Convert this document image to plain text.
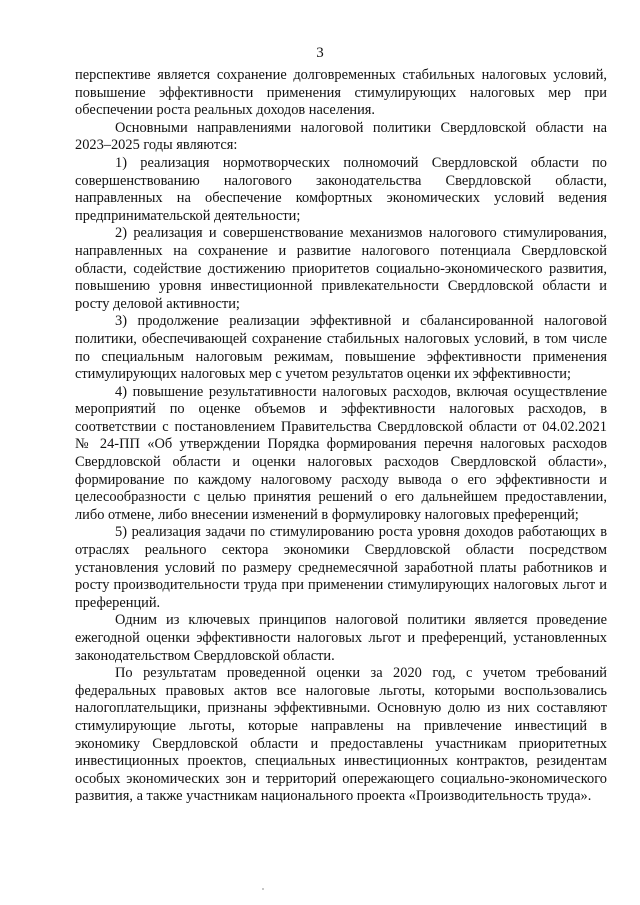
3

перспективе является сохранение долговременных стабильных налоговых условий, повышение эффективности применения стимулирующих налоговых мер при обеспечении роста реальных доходов населения.

Основными направлениями налоговой политики Свердловской области на 2023–2025 годы являются:

1) реализация нормотворческих полномочий Свердловской области по совершенствованию налогового законодательства Свердловской области, направленных на обеспечение комфортных экономических условий ведения предпринимательской деятельности;

2) реализация и совершенствование механизмов налогового стимулирования, направленных на сохранение и развитие налогового потенциала Свердловской области, содействие достижению приоритетов социально-экономического развития, повышению уровня инвестиционной привлекательности Свердловской области и росту деловой активности;

3) продолжение реализации эффективной и сбалансированной налоговой политики, обеспечивающей сохранение стабильных налоговых условий, в том числе по специальным налоговым режимам, повышение эффективности применения стимулирующих налоговых мер с учетом результатов оценки их эффективности;

4) повышение результативности налоговых расходов, включая осуществление мероприятий по оценке объемов и эффективности налоговых расходов, в соответствии с постановлением Правительства Свердловской области от 04.02.2021 № 24-ПП «Об утверждении Порядка формирования перечня налоговых расходов Свердловской области и оценки налоговых расходов Свердловской области», формирование по каждому налоговому расходу вывода о его эффективности и целесообразности с целью принятия решений о его дальнейшем предоставлении, либо отмене, либо внесении изменений в формулировку налоговых преференций;

5) реализация задачи по стимулированию роста уровня доходов работающих в отраслях реального сектора экономики Свердловской области посредством установления условий по размеру среднемесячной заработной платы работников и росту производительности труда при применении стимулирующих налоговых льгот и преференций.

Одним из ключевых принципов налоговой политики является проведение ежегодной оценки эффективности налоговых льгот и преференций, установленных законодательством Свердловской области.

По результатам проведенной оценки за 2020 год, с учетом требований федеральных правовых актов все налоговые льготы, которыми воспользовались налогоплательщики, признаны эффективными. Основную долю из них составляют стимулирующие льготы, которые направлены на привлечение инвестиций в экономику Свердловской области и предоставлены участникам приоритетных инвестиционных проектов, специальных инвестиционных контрактов, резидентам особых экономических зон и территорий опережающего социально-экономического развития, а также участникам национального проекта «Производительность труда».
